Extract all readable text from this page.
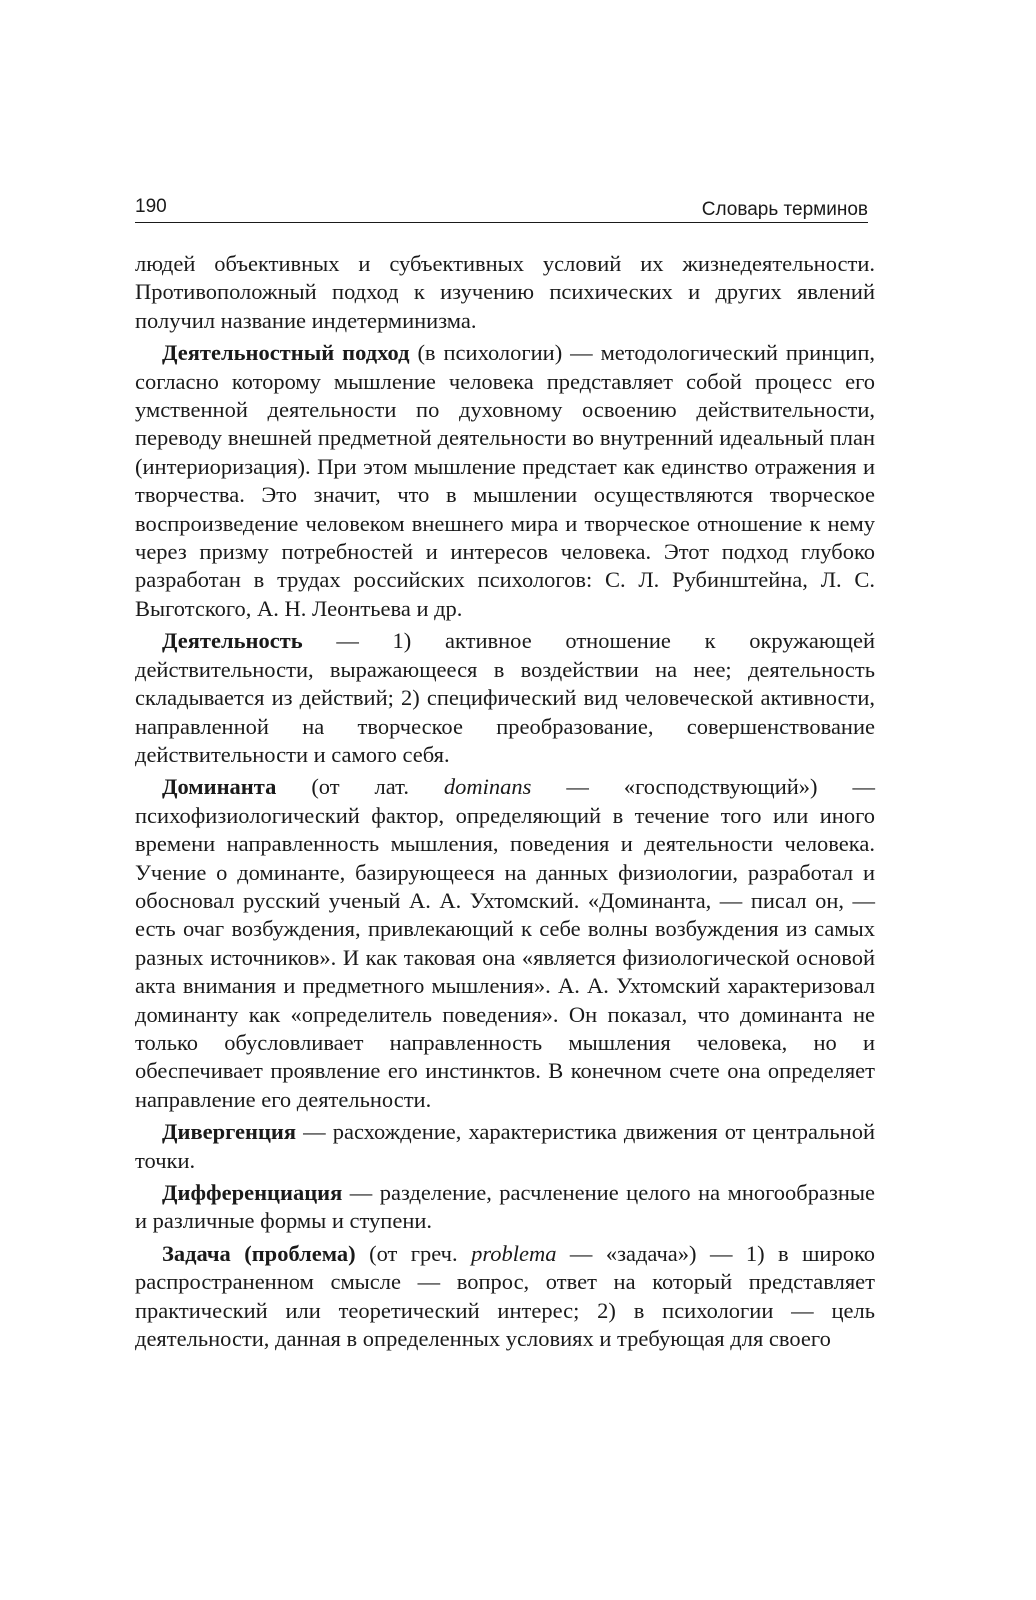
190	Словарь терминов

людей объективных и субъективных условий их жизнедеятельности. Противоположный подход к изучению психических и других явлений получил название индетерминизма.

Деятельностный подход (в психологии) — методологический принцип, согласно которому мышление человека представляет собой процесс его умственной деятельности по духовному освоению действительности, переводу внешней предметной деятельности во внутренний идеальный план (интериоризация). При этом мышление предстает как единство отражения и творчества. Это значит, что в мышлении осуществляются творческое воспроизведение человеком внешнего мира и творческое отношение к нему через призму потребностей и интересов человека. Этот подход глубоко разработан в трудах российских психологов: С. Л. Рубинштейна, Л. С. Выготского, А. Н. Леонтьева и др.

Деятельность — 1) активное отношение к окружающей действительности, выражающееся в воздействии на нее; деятельность складывается из действий; 2) специфический вид человеческой активности, направленной на творческое преобразование, совершенствование действительности и самого себя.

Доминанта (от лат. dominans — «господствующий») — психофизиологический фактор, определяющий в течение того или иного времени направленность мышления, поведения и деятельности человека. Учение о доминанте, базирующееся на данных физиологии, разработал и обосновал русский ученый А. А. Ухтомский. «Доминанта, — писал он, — есть очаг возбуждения, привлекающий к себе волны возбуждения из самых разных источников». И как таковая она «является физиологической основой акта внимания и предметного мышления». А. А. Ухтомский характеризовал доминанту как «определитель поведения». Он показал, что доминанта не только обусловливает направленность мышления человека, но и обеспечивает проявление его инстинктов. В конечном счете она определяет направление его деятельности.

Дивергенция — расхождение, характеристика движения от центральной точки.

Дифференциация — разделение, расчленение целого на многообразные и различные формы и ступени.

Задача (проблема) (от греч. problema — «задача») — 1) в широко распространенном смысле — вопрос, ответ на который представляет практический или теоретический интерес; 2) в психологии — цель деятельности, данная в определенных условиях и требующая для своего
